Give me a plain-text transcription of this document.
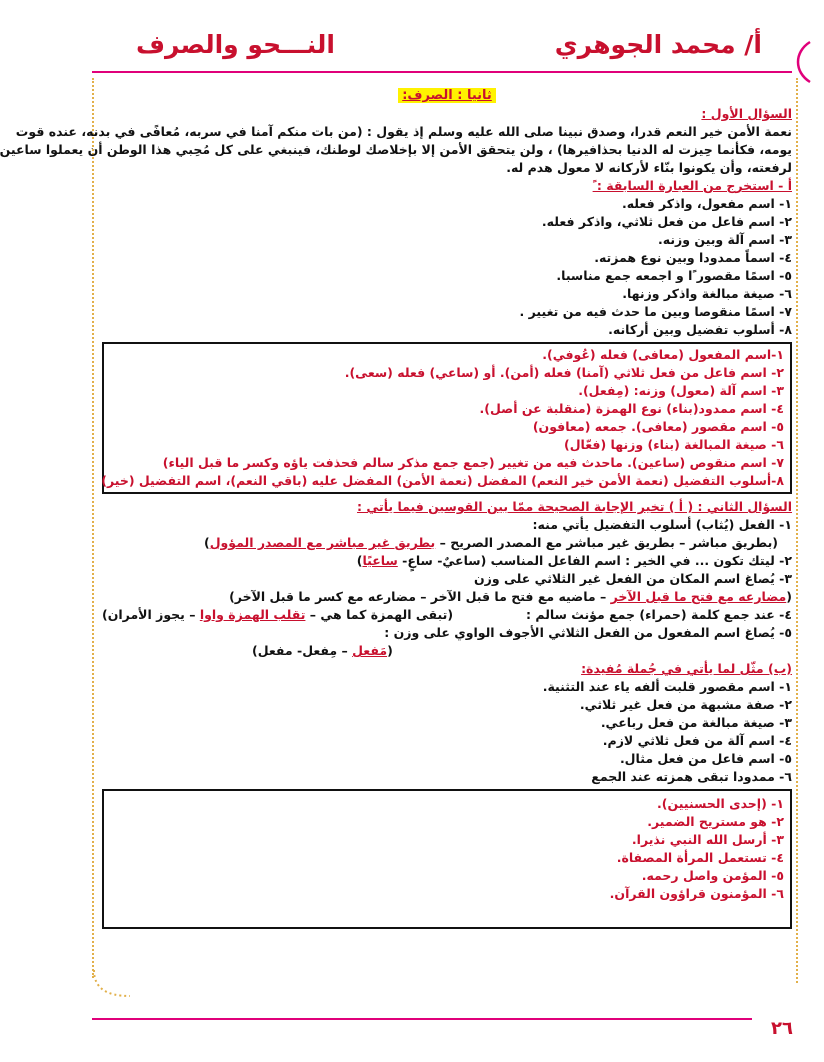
أ/ محمد الجوهري
النـــحو والصرف

ثانيا : الصرف:

السؤال الأول :

نعمة الأمن خير النعم قدرا، وصدق نبينا صلى الله عليه وسلم إذ يقول : (من بات منكم آمنا في سربه، مُعافًى في بدنه، عنده قوت

يومه، فكأنما حِيزت له الدنيا بحذافيرها) ، ولن يتحقق الأمن إلا بإخلاصك لوطنك، فينبغي على كل مُحِبي هذا الوطن أن يعملوا ساعين

لرفعته، وأن يكونوا بنّاء لأركانه لا معول هدم له.

أ - استخرج من العبارة السابقة : ً

١- اسم مفعول، واذكر فعله.

٢- اسم فاعل من فعل ثلاثي، واذكر فعله.

٣- اسم آلة وبين وزنه.

٤- اسماً ممدودا وبين نوع همزته.

٥- اسمًا مقصور ًا و اجمعه جمع مناسبا.

٦- صيغة مبالغة واذكر وزنها.

٧- اسمًا منقوصا وبين ما حدث فيه من تغيير .

٨- أسلوب تفضيل وبين أركانه.

١-اسم المفعول (معافى) فعله (عُوفي).

٢- اسم فاعل من فعل ثلاثي (آمنا) فعله (أمن). أو (ساعي) فعله (سعى).

٣- اسم آلة (معول) وزنه: (مِفعل).

٤- اسم ممدود(بناء) نوع الهمزة (منقلبة عن أصل).

٥- اسم مقصور (معافى). جمعه (معافون)

٦- صيغة المبالغة (بناء) وزنها (فعّال)

٧- اسم منقوص (ساعين). ماحدث فيه من تغيير (جمع جمع مذكر سالم فحذفت ياؤه وكسر ما قبل الياء)

٨-أسلوب التفضيل (نعمة الأمن خير النعم) المفضل (نعمة الأمن) المفضل عليه (باقي النعم)، اسم التفضيل (خير)

السؤال الثاني : ( أ ) تخير الإجابة الصحيحة ممّا بين القوسين فيما يأتي :

١- الفعل (يُثاب) أسلوب التفضيل يأتي منه:

(بطريق مباشر – بطريق غير مباشر مع المصدر الصريح – بطريق غير مباشر مع المصدر المؤول)

٢- ليتك تكون ... في الخير : اسم الفاعل المناسب (ساعيٌ- ساعٍ- ساعيًا)

٣- يُصاغ اسم المكان من الفعل غير الثلاثي على وزن

(مضارعه مع فتح ما قبل الآخر – ماضيه مع فتح ما قبل الآخر – مضارعه مع كسر ما قبل الآخر)

٤- عند جمع كلمة (حمراء) جمع مؤنث سالم :
(تبقى الهمزة كما هي – تقلب الهمزة واوا – يجوز الأمران)

٥- يُصاغ اسم المفعول من الفعل الثلاثي الأجوف الواوي على وزن :

(مَفعل – مِفعل- مفعل)

(ب) مثّل لما يأتي في جُملة مُفيدة:

١- اسم مقصور قلبت ألفه ياء عند التثنية.

٢- صفة مشبهة من فعل غير ثلاثي.

٣- صيغة مبالغة من فعل رباعي.

٤- اسم آلة من فعل ثلاثي لازم.

٥- اسم فاعل من فعل مثال.

٦- ممدودا تبقى همزته عند الجمع

١- (إحدى الحسنيين).

٢- هو مستريح الضمير.

٣- أرسل الله النبي نذيرا.

٤- تستعمل المرأة المصفاة.

٥- المؤمن واصل رحمه.

٦- المؤمنون قراؤون القرآن.

٢٦
